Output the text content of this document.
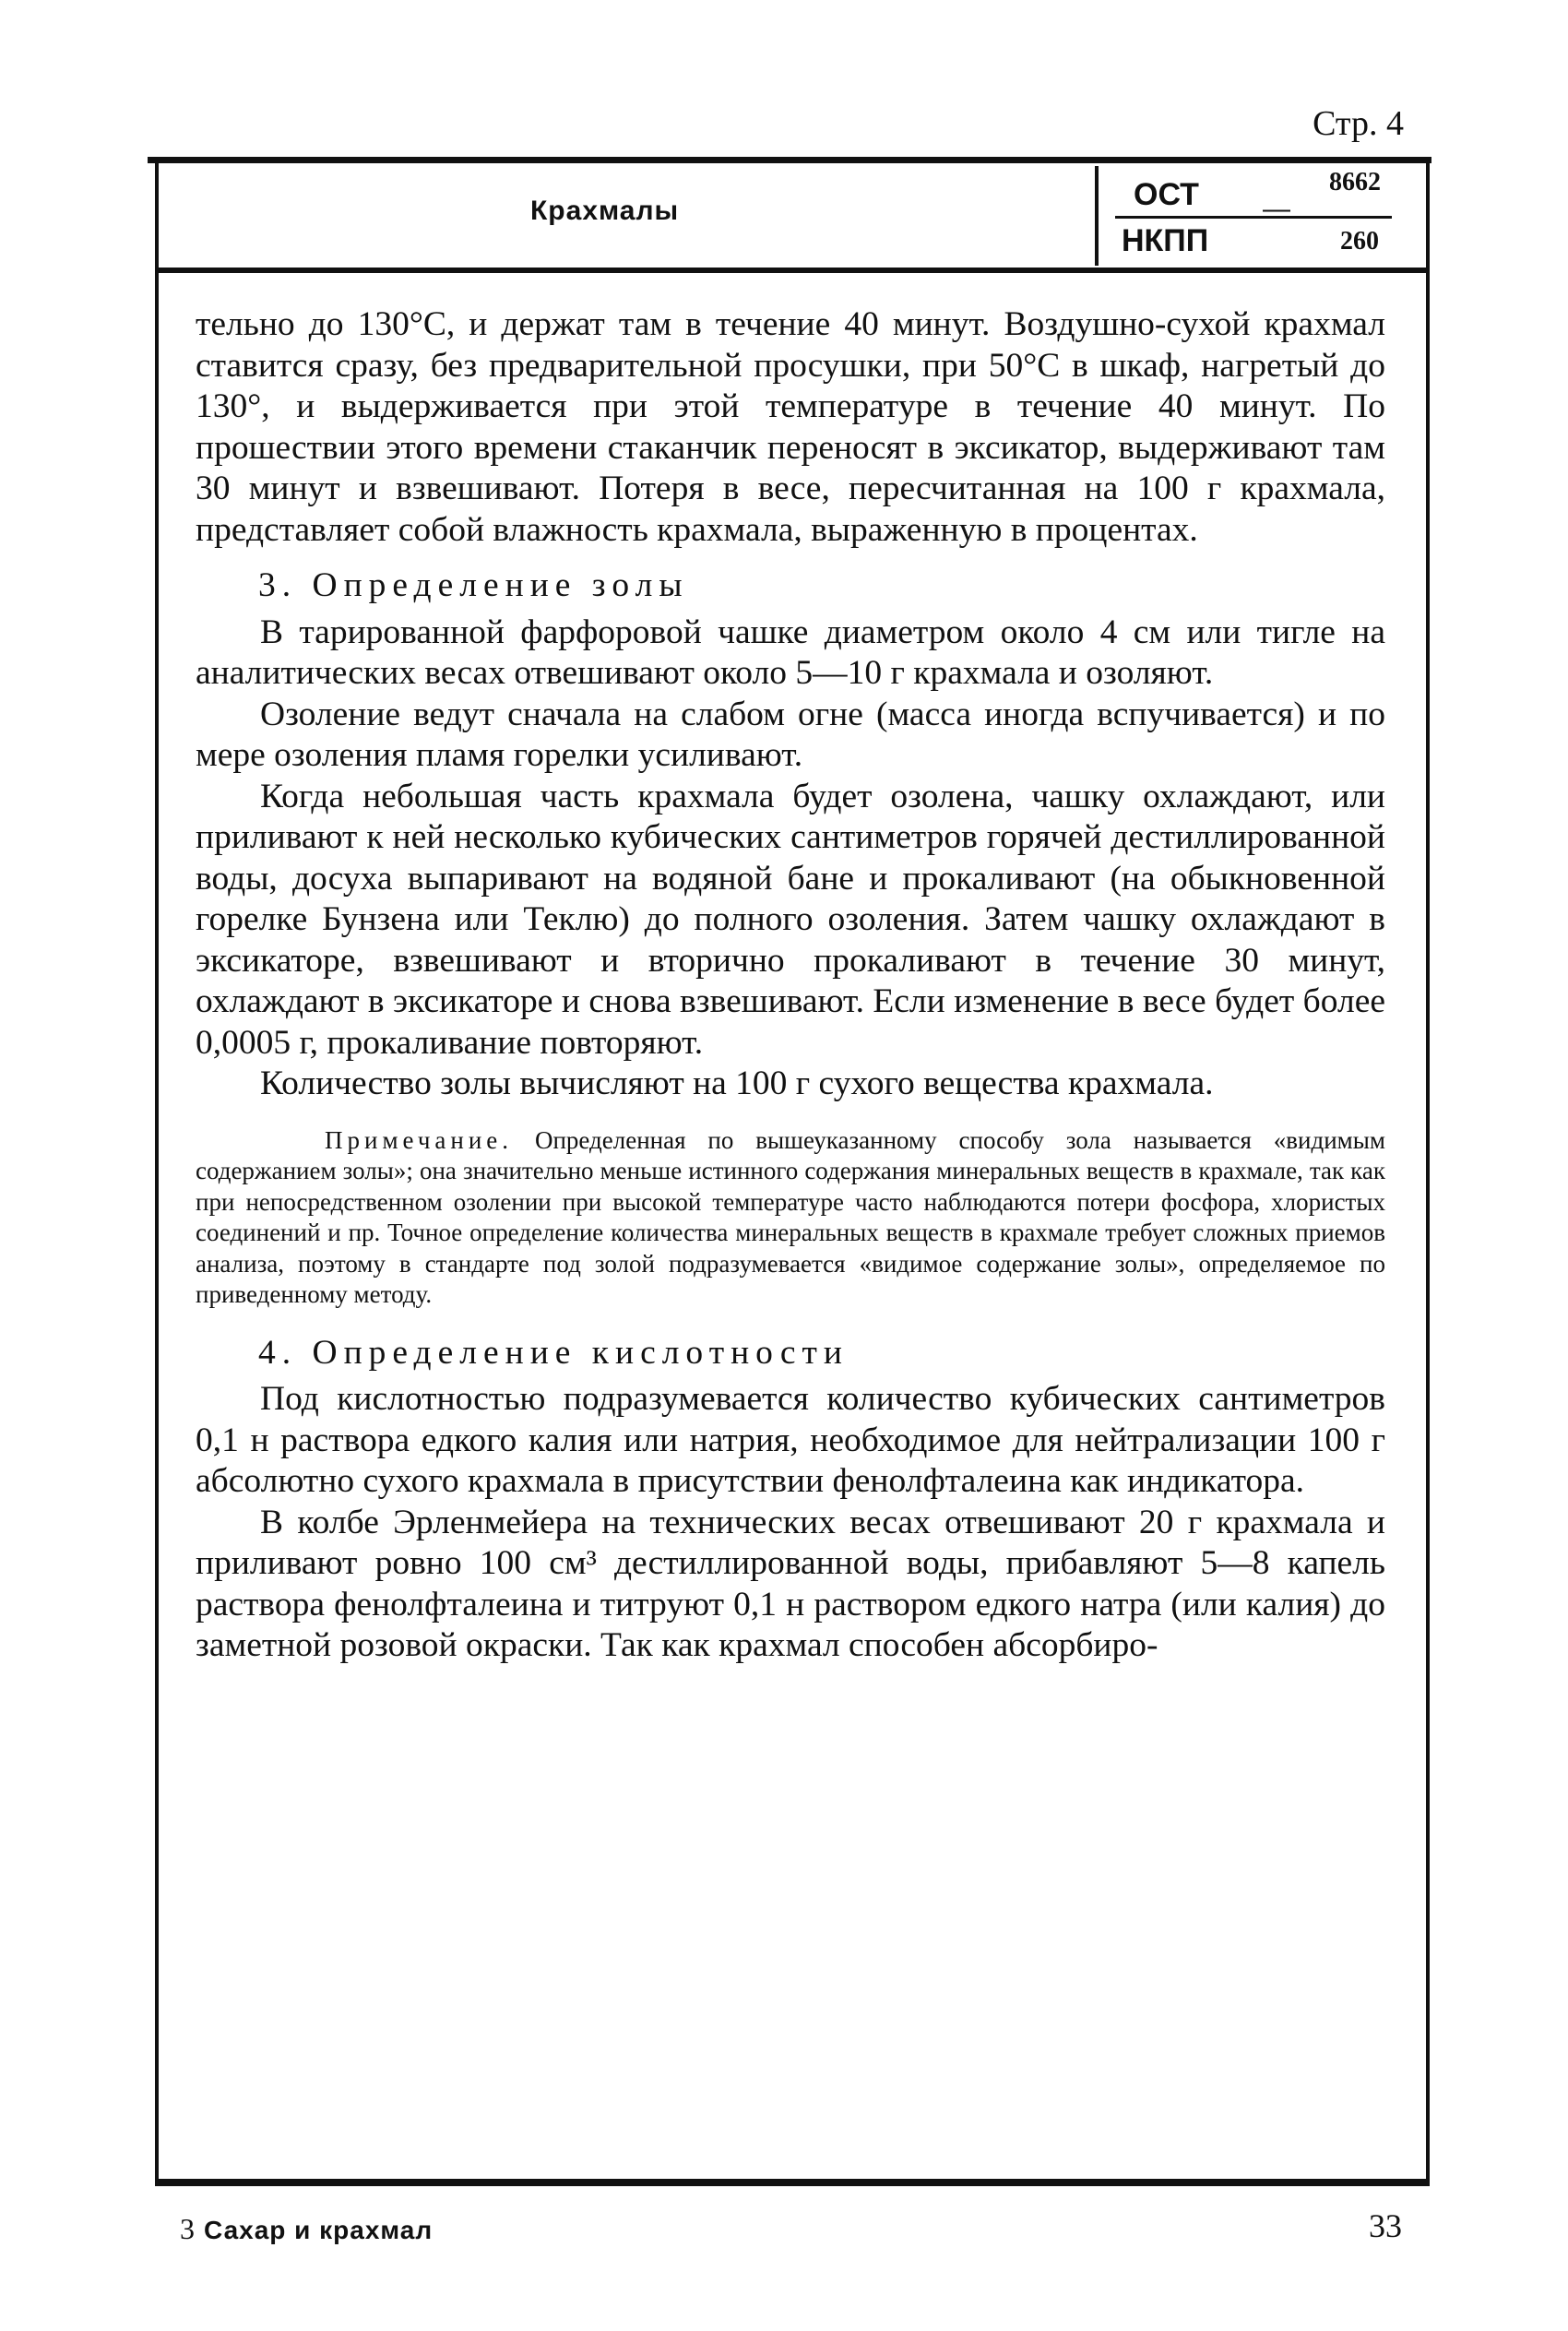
Стр. 4
Крахмалы	ОСТ
НКПП
—
8662
260

тельно до 130°С, и держат там в течение 40 минут. Воздушно-сухой крахмал ставится сразу, без предварительной просушки, при 50°С в шкаф, нагретый до 130°, и выдерживается при этой температуре в течение 40 минут. По прошествии этого времени стаканчик переносят в эксикатор, выдерживают там 30 минут и взвешивают. Потеря в весе, пересчитанная на 100 г крахмала, представляет собой влажность крахмала, выраженную в процентах.

3. Определение золы

В тарированной фарфоровой чашке диаметром около 4 см или тигле на аналитических весах отвешивают около 5—10 г крахмала и озоляют.

Озоление ведут сначала на слабом огне (масса иногда вспучивается) и по мере озоления пламя горелки усиливают.

Когда небольшая часть крахмала будет озолена, чашку охлаждают, или приливают к ней несколько кубических сантиметров горячей дестиллированной воды, досуха выпаривают на водяной бане и прокаливают (на обыкновенной горелке Бунзена или Теклю) до полного озоления. Затем чашку охлаждают в эксикаторе, взвешивают и вторично прокаливают в течение 30 минут, охлаждают в эксикаторе и снова взвешивают. Если изменение в весе будет более 0,0005 г, прокаливание повторяют.

Количество золы вычисляют на 100 г сухого вещества крахмала.

Примечание. Определенная по вышеуказанному способу зола называется «видимым содержанием золы»; она значительно меньше истинного содержания минеральных веществ в крахмале, так как при непосредственном озолении при высокой температуре часто наблюдаются потери фосфора, хлористых соединений и пр. Точное определение количества минеральных веществ в крахмале требует сложных приемов анализа, поэтому в стандарте под золой подразумевается «видимое содержание золы», определяемое по приведенному методу.

4. Определение кислотности

Под кислотностью подразумевается количество кубических сантиметров 0,1 н раствора едкого калия или натрия, необходимое для нейтрализации 100 г абсолютно сухого крахмала в присутствии фенолфталеина как индикатора.

В колбе Эрленмейера на технических весах отвешивают 20 г крахмала и приливают ровно 100 см³ дестиллированной воды, прибавляют 5—8 капель раствора фенолфталеина и титруют 0,1 н раствором едкого натра (или калия) до заметной розовой окраски. Так как крахмал способен абсорбиро-

3 Сахар и крахмал	33
